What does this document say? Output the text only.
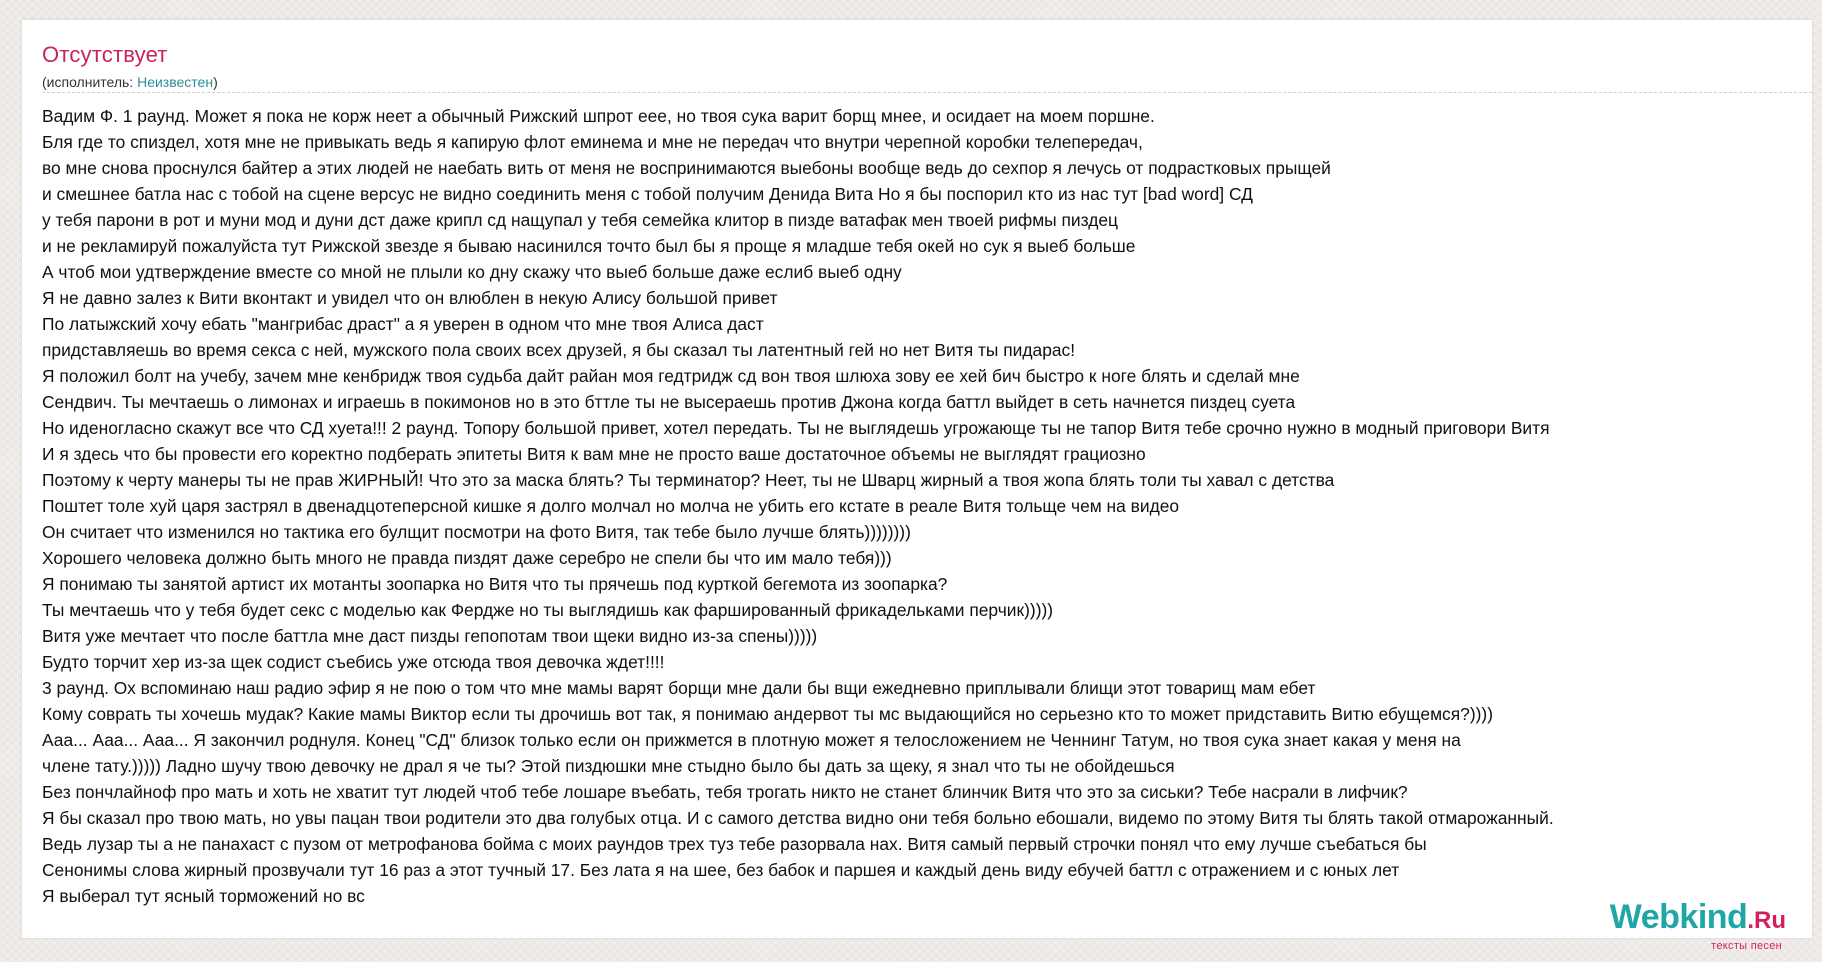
Отсутствует
(исполнитель: Неизвестен)
Вадим Ф. 1 раунд. Может я пока не корж неет а обычный Рижский шпрот еее, но твоя сука варит борщ мнее, и осидает на моем поршне.
Бля где то спиздел, хотя мне не привыкать ведь я капирую флот еминема и мне не передач что внутри черепной коробки телепередач,
во мне снова проснулся байтер а этих людей не наебать вить от меня не воспринимаются выебоны вообще ведь до сехпор я лечусь от подрастковых прыщей
и смешнее батла нас с тобой на сцене версус не видно соединить меня с тобой получим Денида Вита Но я бы поспорил кто из нас тут [bad word] СД
у тебя парони в рот и муни мод и дуни дст даже крипл сд нащупал у тебя семейка клитор в пизде ватафак мен твоей рифмы пиздец
и не рекламируй пожалуйста тут Рижской звезде я бываю насинился точто был бы я проще я младше тебя окей но сук я выеб больше
А чтоб мои удтверждение вместе со мной не плыли ко дну скажу что выеб больше даже еслиб выеб одну
Я не давно залез к Вити вконтакт и увидел что он влюблен в некую Алису большой привет
По латыжский хочу ебать "мангрибас драст" а я уверен в одном что мне твоя Алиса даст
придставляешь во время секса с ней, мужского пола своих всех друзей, я бы сказал ты латентный гей но нет Витя ты пидарас!
Я положил болт на учебу, зачем мне кенбридж твоя судьба дайт райан моя гедтридж сд вон твоя шлюха зову ее хей бич быстро к ноге блять и сделай мне
Сендвич. Ты мечтаешь о лимонах и играешь в покимонов но в это бттле ты не высераешь против Джона когда баттл выйдет в сеть начнется пиздец суета
Но иденогласно скажут все что СД хуета!!! 2 раунд. Топору большой привет, хотел передать. Ты не выглядешь угрожающе ты не тапор Витя тебе срочно нужно в модный приговори Витя
И я здесь что бы провести его коректно подберать эпитеты Витя к вам мне не просто ваше достаточное объемы не выглядят грациозно
Поэтому к черту манеры ты не прав ЖИРНЫЙ! Что это за маска блять? Ты терминатор? Неет, ты не Шварц жирный а твоя жопа блять толи ты хавал с детства
Поштет толе хуй царя застрял в двенадцотеперсной кишке я долго молчал но молча не убить его кстате в реале Витя тольще чем на видео
Он считает что изменился но тактика его булщит посмотри на фото Витя, так тебе было лучше блять))))))))
Хорошего человека должно быть много не правда пиздят даже серебро не спели бы что им мало тебя)))
Я понимаю ты занятой артист их мотанты зоопарка но Витя что ты прячешь под курткой бегемота из зоопарка?
Ты мечтаешь что у тебя будет секс с моделью как Фердже но ты выглядишь как фаршированный фрикадельками перчик)))))
Витя уже мечтает что после баттла мне даст пизды гепопотам твои щеки видно из-за спены)))))
Будто торчит хер из-за щек содист съебись уже отсюда твоя девочка ждет!!!!
3 раунд. Ох вспоминаю наш радио эфир я не пою о том что мне мамы варят борщи мне дали бы вщи ежедневно приплывали блищи этот товарищ мам ебет
Кому соврать ты хочешь мудак? Какие мамы Виктор если ты дрочишь вот так, я понимаю андервот ты мс выдающийся но серьезно кто то может придставить Витю ебущемся?))))
Ааа... Ааа... Ааа... Я закончил роднуля. Конец "СД" близок только если он прижмется в плотную может я телосложением не Ченнинг Татум, но твоя сука знает какая у меня на
члене тату.))))) Ладно шучу твою девочку не драл я че ты? Этой пиздюшки мне стыдно было бы дать за щеку, я знал что ты не обойдешься
Без пончлайноф про мать и хоть не хватит тут людей чтоб тебе лошаре въебать, тебя трогать никто не станет блинчик Витя что это за сиськи? Тебе насрали в лифчик?
Я бы сказал про твою мать, но увы пацан твои родители это два голубых отца. И с самого детства видно они тебя больно ебошали, видемо по этому Витя ты блять такой отмарожанный.
Ведь лузар ты а не панахаст с пузом от метрофанова бойма с моих раундов трех туз тебе разорвала нах. Витя самый первый строчки понял что ему лучше съебаться бы
Сенонимы слова жирный прозвучали тут 16 раз а этот тучный 17. Без лата я на шее, без бабок и паршея и каждый день виду ебучей баттл с отражением и с юных лет
Я выберал тут ясный торможений но вс
Webkind.Ru
тексты песен
